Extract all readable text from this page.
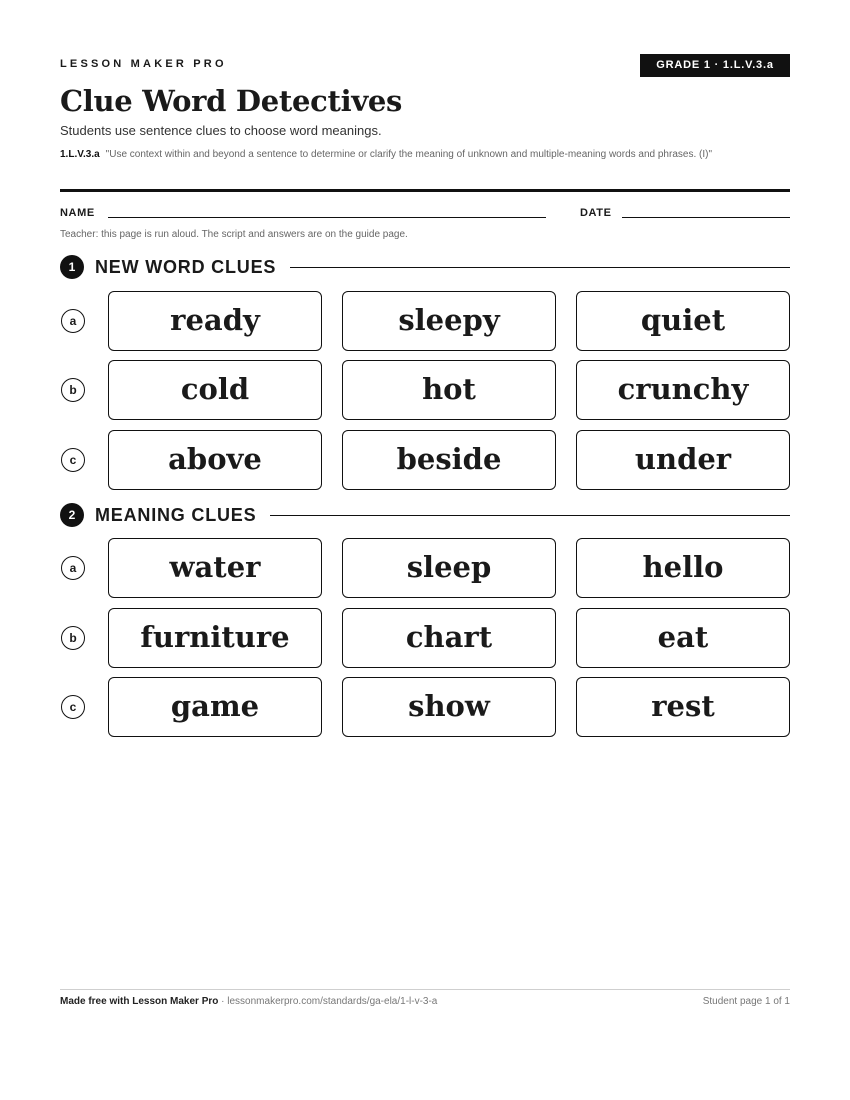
LESSON MAKER PRO	GRADE 1 · 1.L.V.3.a
Clue Word Detectives
Students use sentence clues to choose word meanings.
1.L.V.3.a "Use context within and beyond a sentence to determine or clarify the meaning of unknown and multiple-meaning words and phrases. (I)"
NAME	DATE
Teacher: this page is run aloud. The script and answers are on the guide page.
1	NEW WORD CLUES
a	ready	sleepy	quiet
b	cold	hot	crunchy
c	above	beside	under
2	MEANING CLUES
a	water	sleep	hello
b	furniture	chart	eat
c	game	show	rest
Made free with Lesson Maker Pro · lessonmakerpro.com/standards/ga-ela/1-l-v-3-a	Student page 1 of 1
